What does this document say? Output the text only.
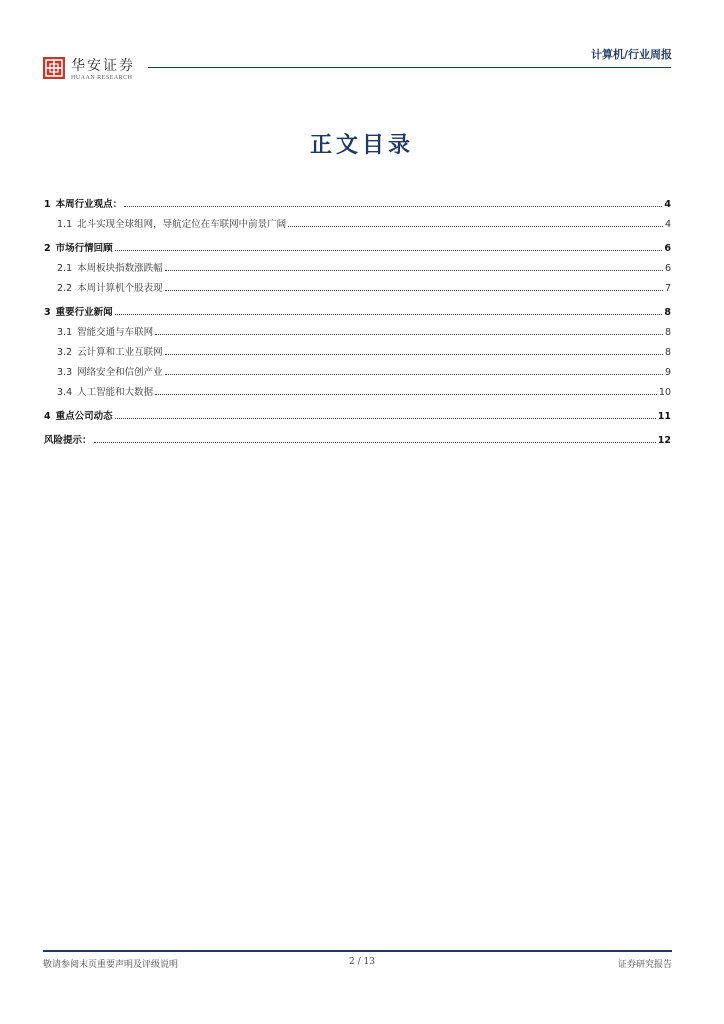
华安证券
HUAAN RESEARCH
计算机/行业周报
正文目录
1 本周行业观点：	4
1.1 北斗实现全球组网，导航定位在车联网中前景广阔	4
2 市场行情回顾	6
2.1 本周板块指数涨跌幅	6
2.2 本周计算机个股表现	7
3 重要行业新闻	8
3.1 智能交通与车联网	8
3.2 云计算和工业互联网	8
3.3 网络安全和信创产业	9
3.4 人工智能和大数据	10
4 重点公司动态	11
风险提示：	12
敬请参阅末页重要声明及评级说明	2 / 13	证券研究报告
